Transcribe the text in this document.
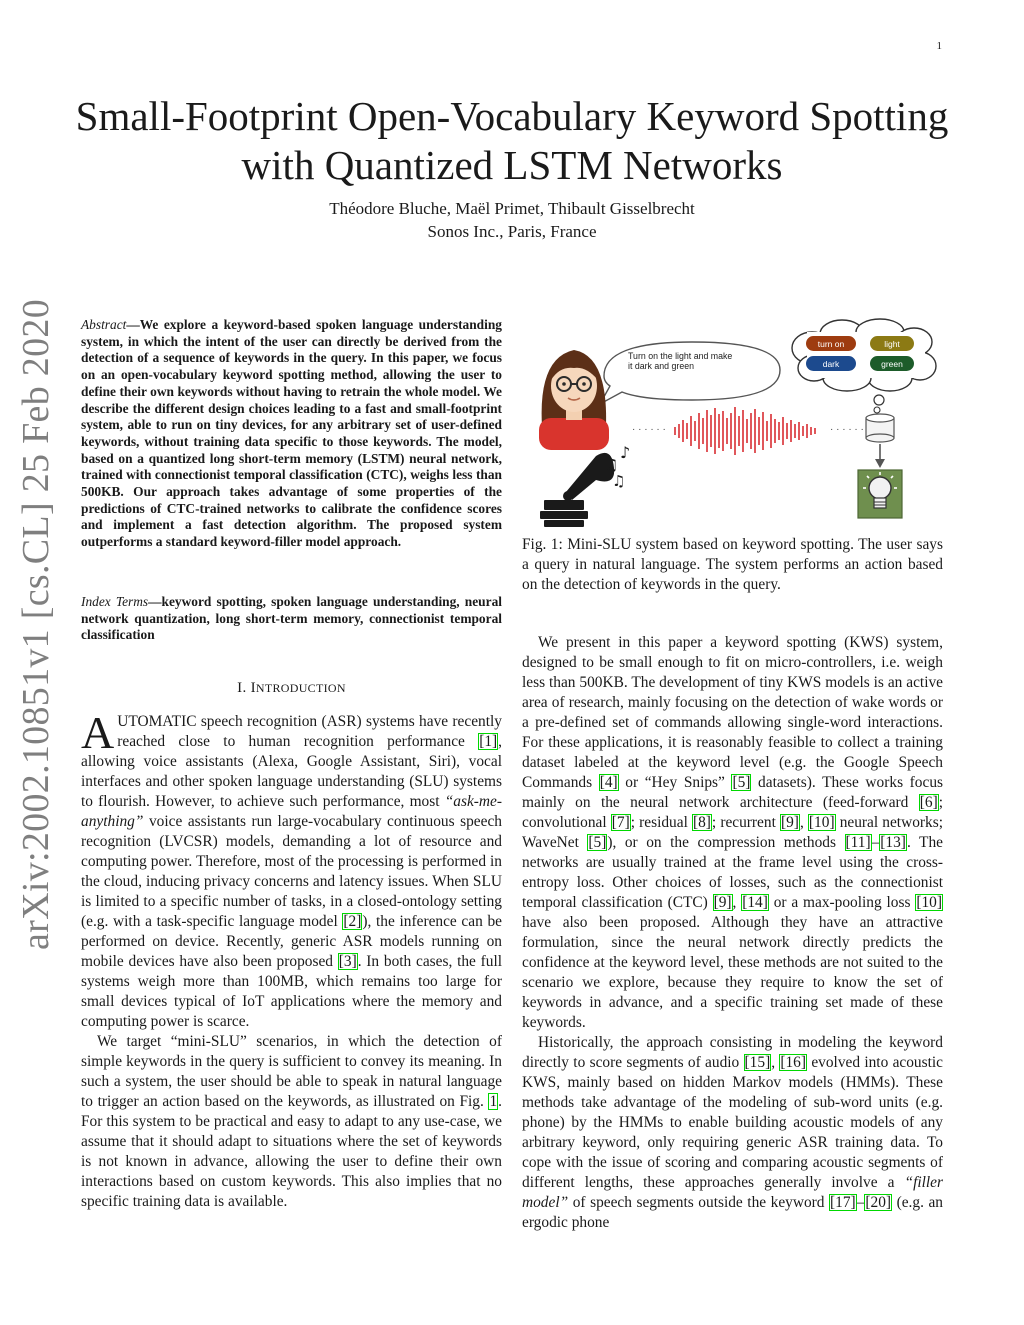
1
arXiv:2002.10851v1 [cs.CL] 25 Feb 2020
Small-Footprint Open-Vocabulary Keyword Spotting
with Quantized LSTM Networks
Théodore Bluche, Maël Primet, Thibault Gisselbrecht
Sonos Inc., Paris, France
Abstract—We explore a keyword-based spoken language understanding system, in which the intent of the user can directly be derived from the detection of a sequence of keywords in the query. In this paper, we focus on an open-vocabulary keyword spotting method, allowing the user to define their own keywords without having to retrain the whole model. We describe the different design choices leading to a fast and small-footprint system, able to run on tiny devices, for any arbitrary set of user-defined keywords, without training data specific to those keywords. The model, based on a quantized long short-term memory (LSTM) neural network, trained with connectionist temporal classification (CTC), weighs less than 500KB. Our approach takes advantage of some properties of the predictions of CTC-trained networks to calibrate the confidence scores and implement a fast detection algorithm. The proposed system outperforms a standard keyword-filler model approach.
Index Terms—keyword spotting, spoken language understanding, neural network quantization, long short-term memory, connectionist temporal classification
I. INTRODUCTION

AUTOMATIC speech recognition (ASR) systems have recently reached close to human recognition performance [1], allowing voice assistants (Alexa, Google Assistant, Siri), vocal interfaces and other spoken language understanding (SLU) systems to flourish. However, to achieve such performance, most “ask-me-anything” voice assistants run large-vocabulary continuous speech recognition (LVCSR) models, demanding a lot of resource and computing power. Therefore, most of the processing is performed in the cloud, inducing privacy concerns and latency issues. When SLU is limited to a specific number of tasks, in a closed-ontology setting (e.g. with a task-specific language model [2]), the inference can be performed on device. Recently, generic ASR models running on mobile devices have also been proposed [3]. In both cases, the full systems weigh more than 100MB, which remains too large for small devices typical of IoT applications where the memory and computing power is scarce.

We target “mini-SLU” scenarios, in which the detection of simple keywords in the query is sufficient to convey its meaning. In such a system, the user should be able to speak in natural language to trigger an action based on the keywords, as illustrated on Fig. 1. For this system to be practical and easy to adapt to any use-case, we assume that it should adapt to situations where the set of keywords is not known in advance, allowing the user to define their own interactions based on custom keywords. This also implies that no specific training data is available.

turn on	light
dark	green
Turn on the light and make it dark and green
Turn on the light and make it dark and green
· · · · · ·	· · · · · ·
♫
♪
♫
Fig. 1: Mini-SLU system based on keyword spotting. The user says a query in natural language. The system performs an action based on the detection of keywords in the query.

We present in this paper a keyword spotting (KWS) system, designed to be small enough to fit on micro-controllers, i.e. weigh less than 500KB. The development of tiny KWS models is an active area of research, mainly focusing on the detection of wake words or a pre-defined set of commands allowing single-word interactions. For these applications, it is reasonably feasible to collect a training dataset labeled at the keyword level (e.g. the Google Speech Commands [4] or “Hey Snips” [5] datasets). These works focus mainly on the neural network architecture (feed-forward [6]; convolutional [7]; residual [8]; recurrent [9], [10] neural networks; WaveNet [5]), or on the compression methods [11]–[13]. The networks are usually trained at the frame level using the cross-entropy loss. Other choices of losses, such as the connectionist temporal classification (CTC) [9], [14] or a max-pooling loss [10] have also been proposed. Although they have an attractive formulation, since the neural network directly predicts the confidence at the keyword level, these methods are not suited to the scenario we explore, because they require to know the set of keywords in advance, and a specific training set made of these keywords.

Historically, the approach consisting in modeling the keyword directly to score segments of audio [15], [16] evolved into acoustic KWS, mainly based on hidden Markov models (HMMs). These methods take advantage of the modeling of sub-word units (e.g. phone) by the HMMs to enable building acoustic models of any arbitrary keyword, only requiring generic ASR training data. To cope with the issue of scoring and comparing acoustic segments of different lengths, these approaches generally involve a “filler model” of speech segments outside the keyword [17]–[20] (e.g. an ergodic phone
